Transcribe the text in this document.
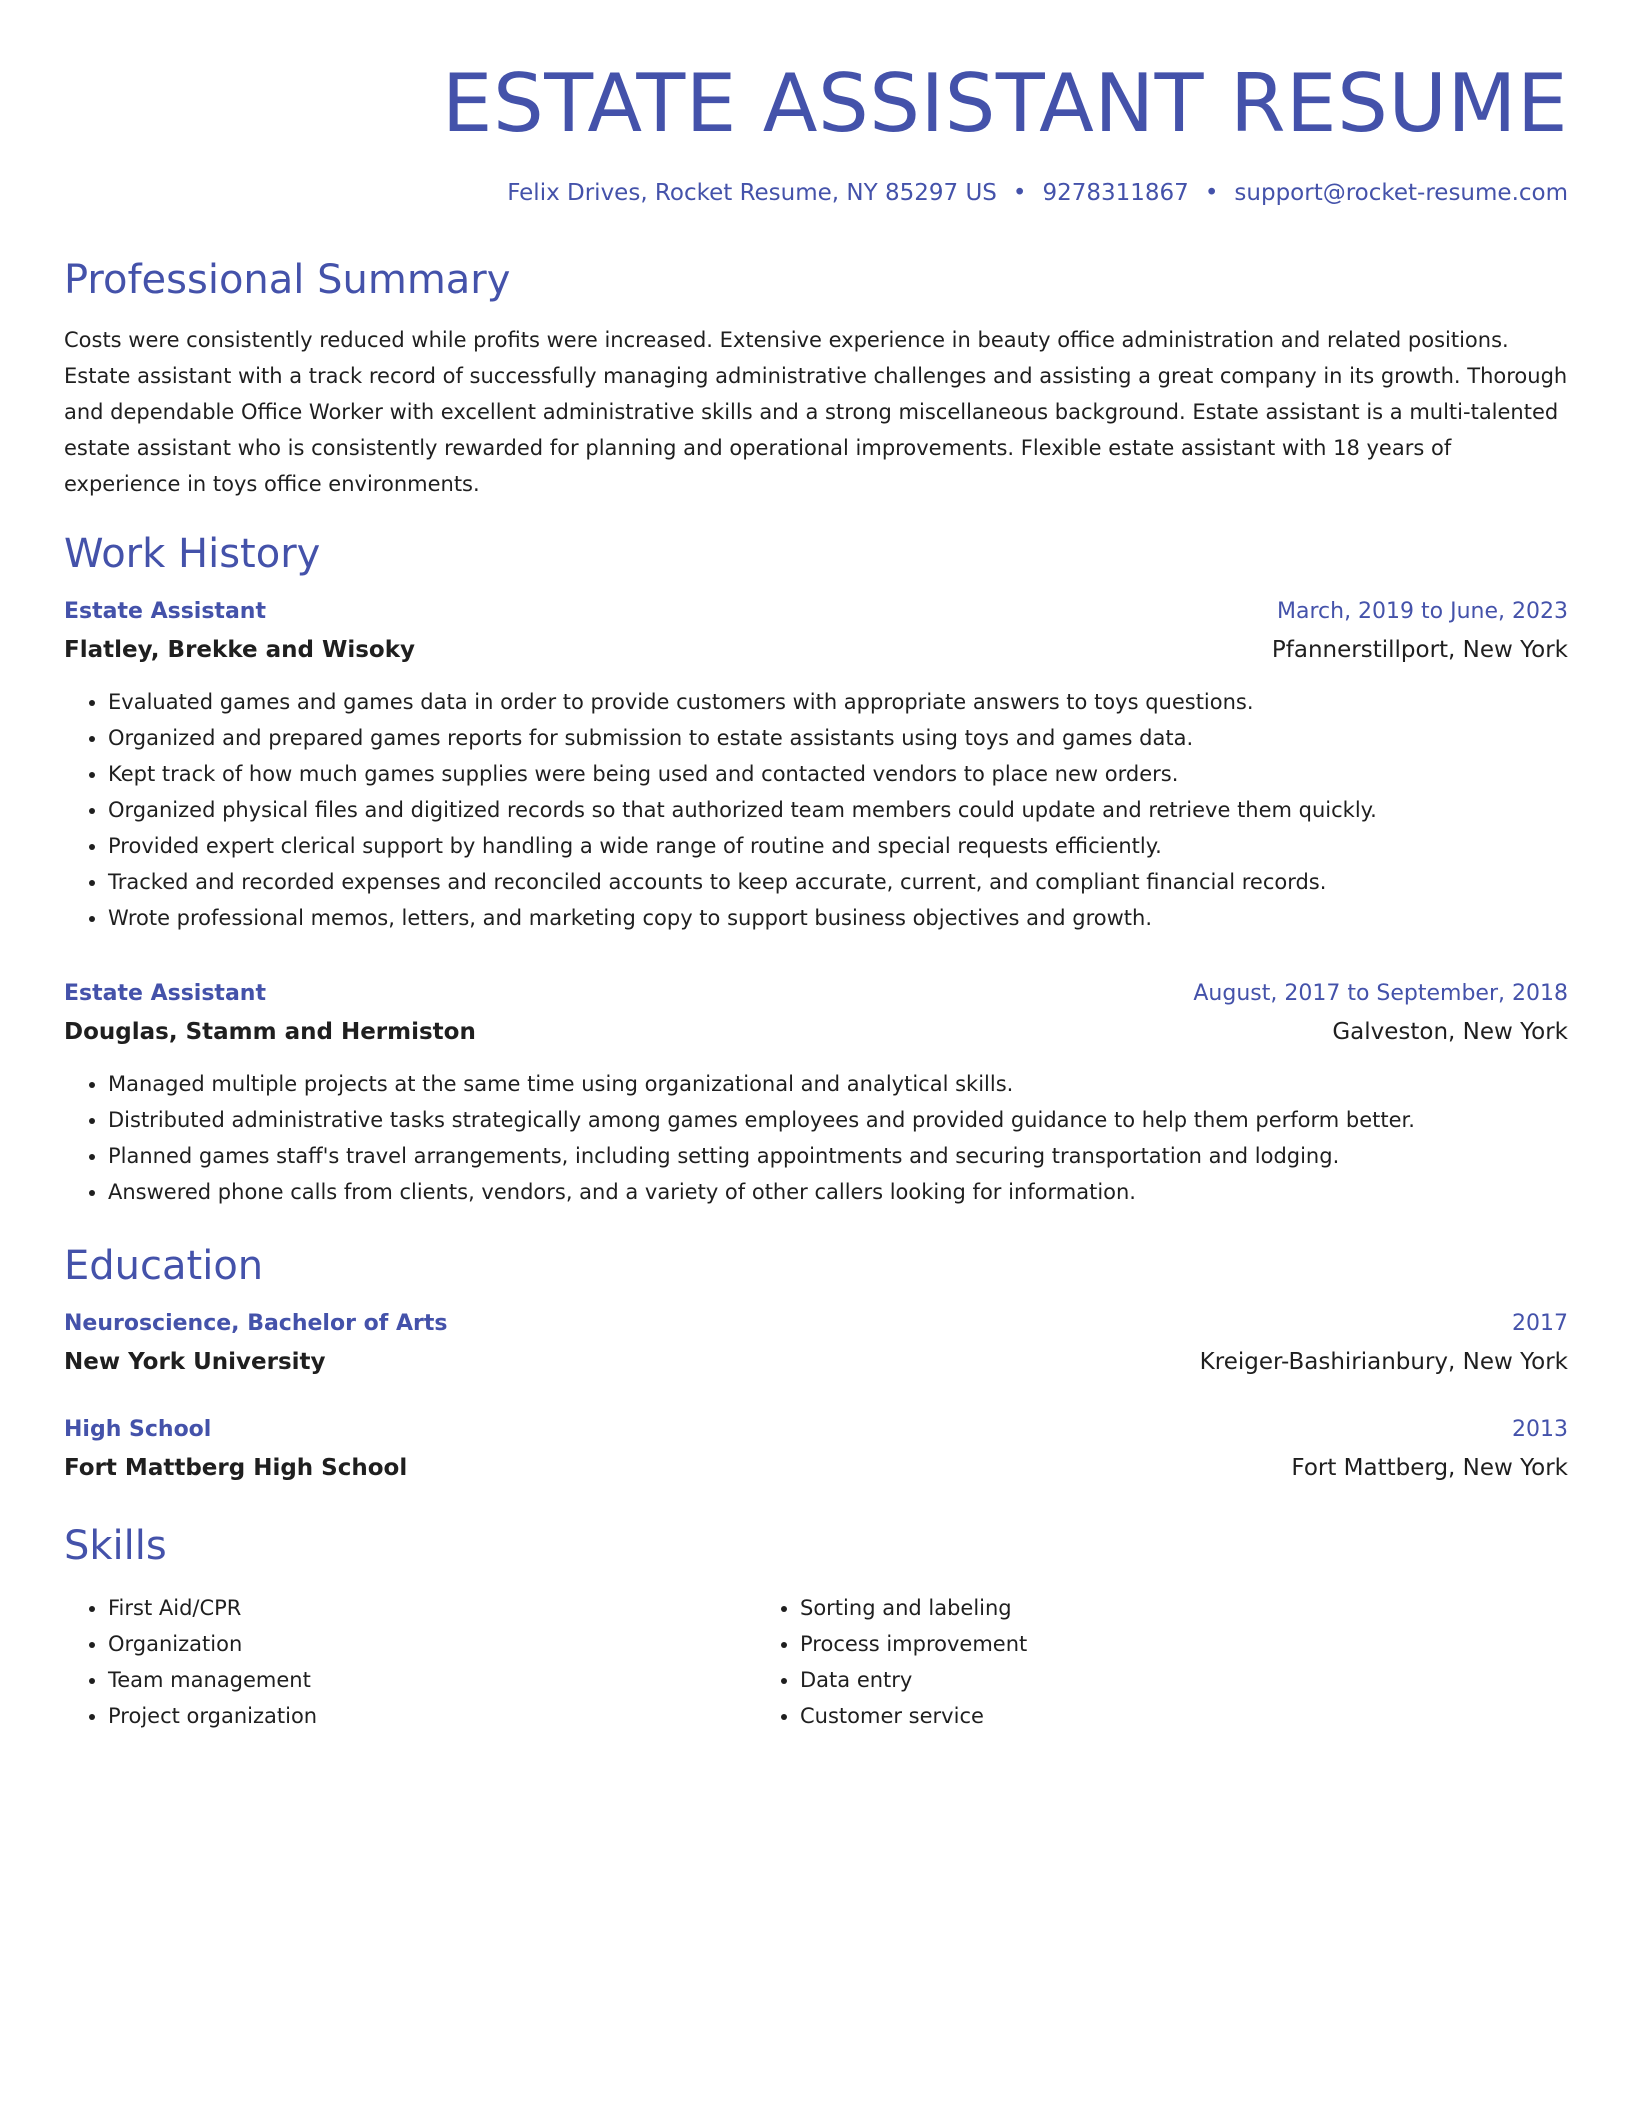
ESTATE ASSISTANT RESUME
Felix Drives, Rocket Resume, NY 85297 US • 9278311867 • support@rocket-resume.com
Professional Summary

Costs were consistently reduced while profits were increased. Extensive experience in beauty office administration and related positions. Estate assistant with a track record of successfully managing administrative challenges and assisting a great company in its growth. Thorough and dependable Office Worker with excellent administrative skills and a strong miscellaneous background. Estate assistant is a multi-talented estate assistant who is consistently rewarded for planning and operational improvements. Flexible estate assistant with 18 years of experience in toys office environments.

Work History
Estate Assistant	March, 2019 to June, 2023
Flatley, Brekke and Wisoky	Pfannerstillport, New York
• Evaluated games and games data in order to provide customers with appropriate answers to toys questions.
• Organized and prepared games reports for submission to estate assistants using toys and games data.
• Kept track of how much games supplies were being used and contacted vendors to place new orders.
• Organized physical files and digitized records so that authorized team members could update and retrieve them quickly.
• Provided expert clerical support by handling a wide range of routine and special requests efficiently.
• Tracked and recorded expenses and reconciled accounts to keep accurate, current, and compliant financial records.
• Wrote professional memos, letters, and marketing copy to support business objectives and growth.
Estate Assistant	August, 2017 to September, 2018
Douglas, Stamm and Hermiston	Galveston, New York
• Managed multiple projects at the same time using organizational and analytical skills.
• Distributed administrative tasks strategically among games employees and provided guidance to help them perform better.
• Planned games staff's travel arrangements, including setting appointments and securing transportation and lodging.
• Answered phone calls from clients, vendors, and a variety of other callers looking for information.
Education
Neuroscience, Bachelor of Arts	2017
New York University	Kreiger-Bashirianbury, New York
High School	2013
Fort Mattberg High School	Fort Mattberg, New York
Skills
• First Aid/CPR
• Organization
• Team management
• Project organization
• Sorting and labeling
• Process improvement
• Data entry
• Customer service
